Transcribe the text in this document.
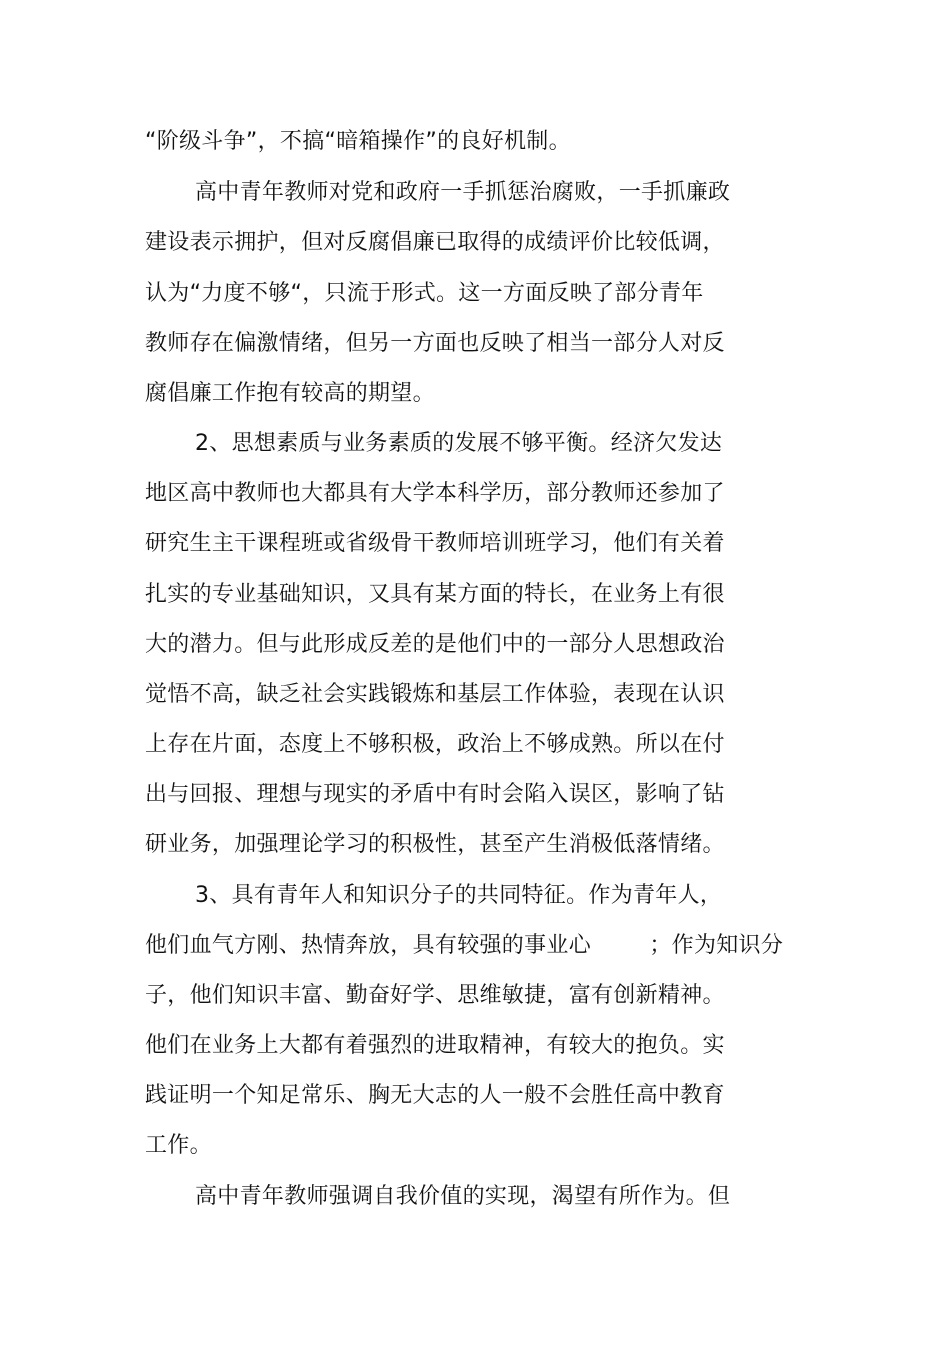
“阶级斗争”，不搞“暗箱操作”的良好机制。
高中青年教师对党和政府一手抓惩治腐败，一手抓廉政
建设表示拥护，但对反腐倡廉已取得的成绩评价比较低调，
认为“力度不够“，只流于形式。这一方面反映了部分青年
教师存在偏激情绪，但另一方面也反映了相当一部分人对反
腐倡廉工作抱有较高的期望。
2、思想素质与业务素质的发展不够平衡。经济欠发达
地区高中教师也大都具有大学本科学历，部分教师还参加了
研究生主干课程班或省级骨干教师培训班学习，他们有关着
扎实的专业基础知识，又具有某方面的特长，在业务上有很
大的潜力。但与此形成反差的是他们中的一部分人思想政治
觉悟不高，缺乏社会实践锻炼和基层工作体验，表现在认识
上存在片面，态度上不够积极，政治上不够成熟。所以在付
出与回报、理想与现实的矛盾中有时会陷入误区，影响了钻
研业务，加强理论学习的积极性，甚至产生消极低落情绪。
3、具有青年人和知识分子的共同特征。作为青年人，
他们血气方刚、热情奔放，具有较强的事业心        ；作为知识分
子，他们知识丰富、勤奋好学、思维敏捷，富有创新精神。
他们在业务上大都有着强烈的进取精神，有较大的抱负。实
践证明一个知足常乐、胸无大志的人一般不会胜任高中教育
工作。
高中青年教师强调自我价值的实现，渴望有所作为。但
